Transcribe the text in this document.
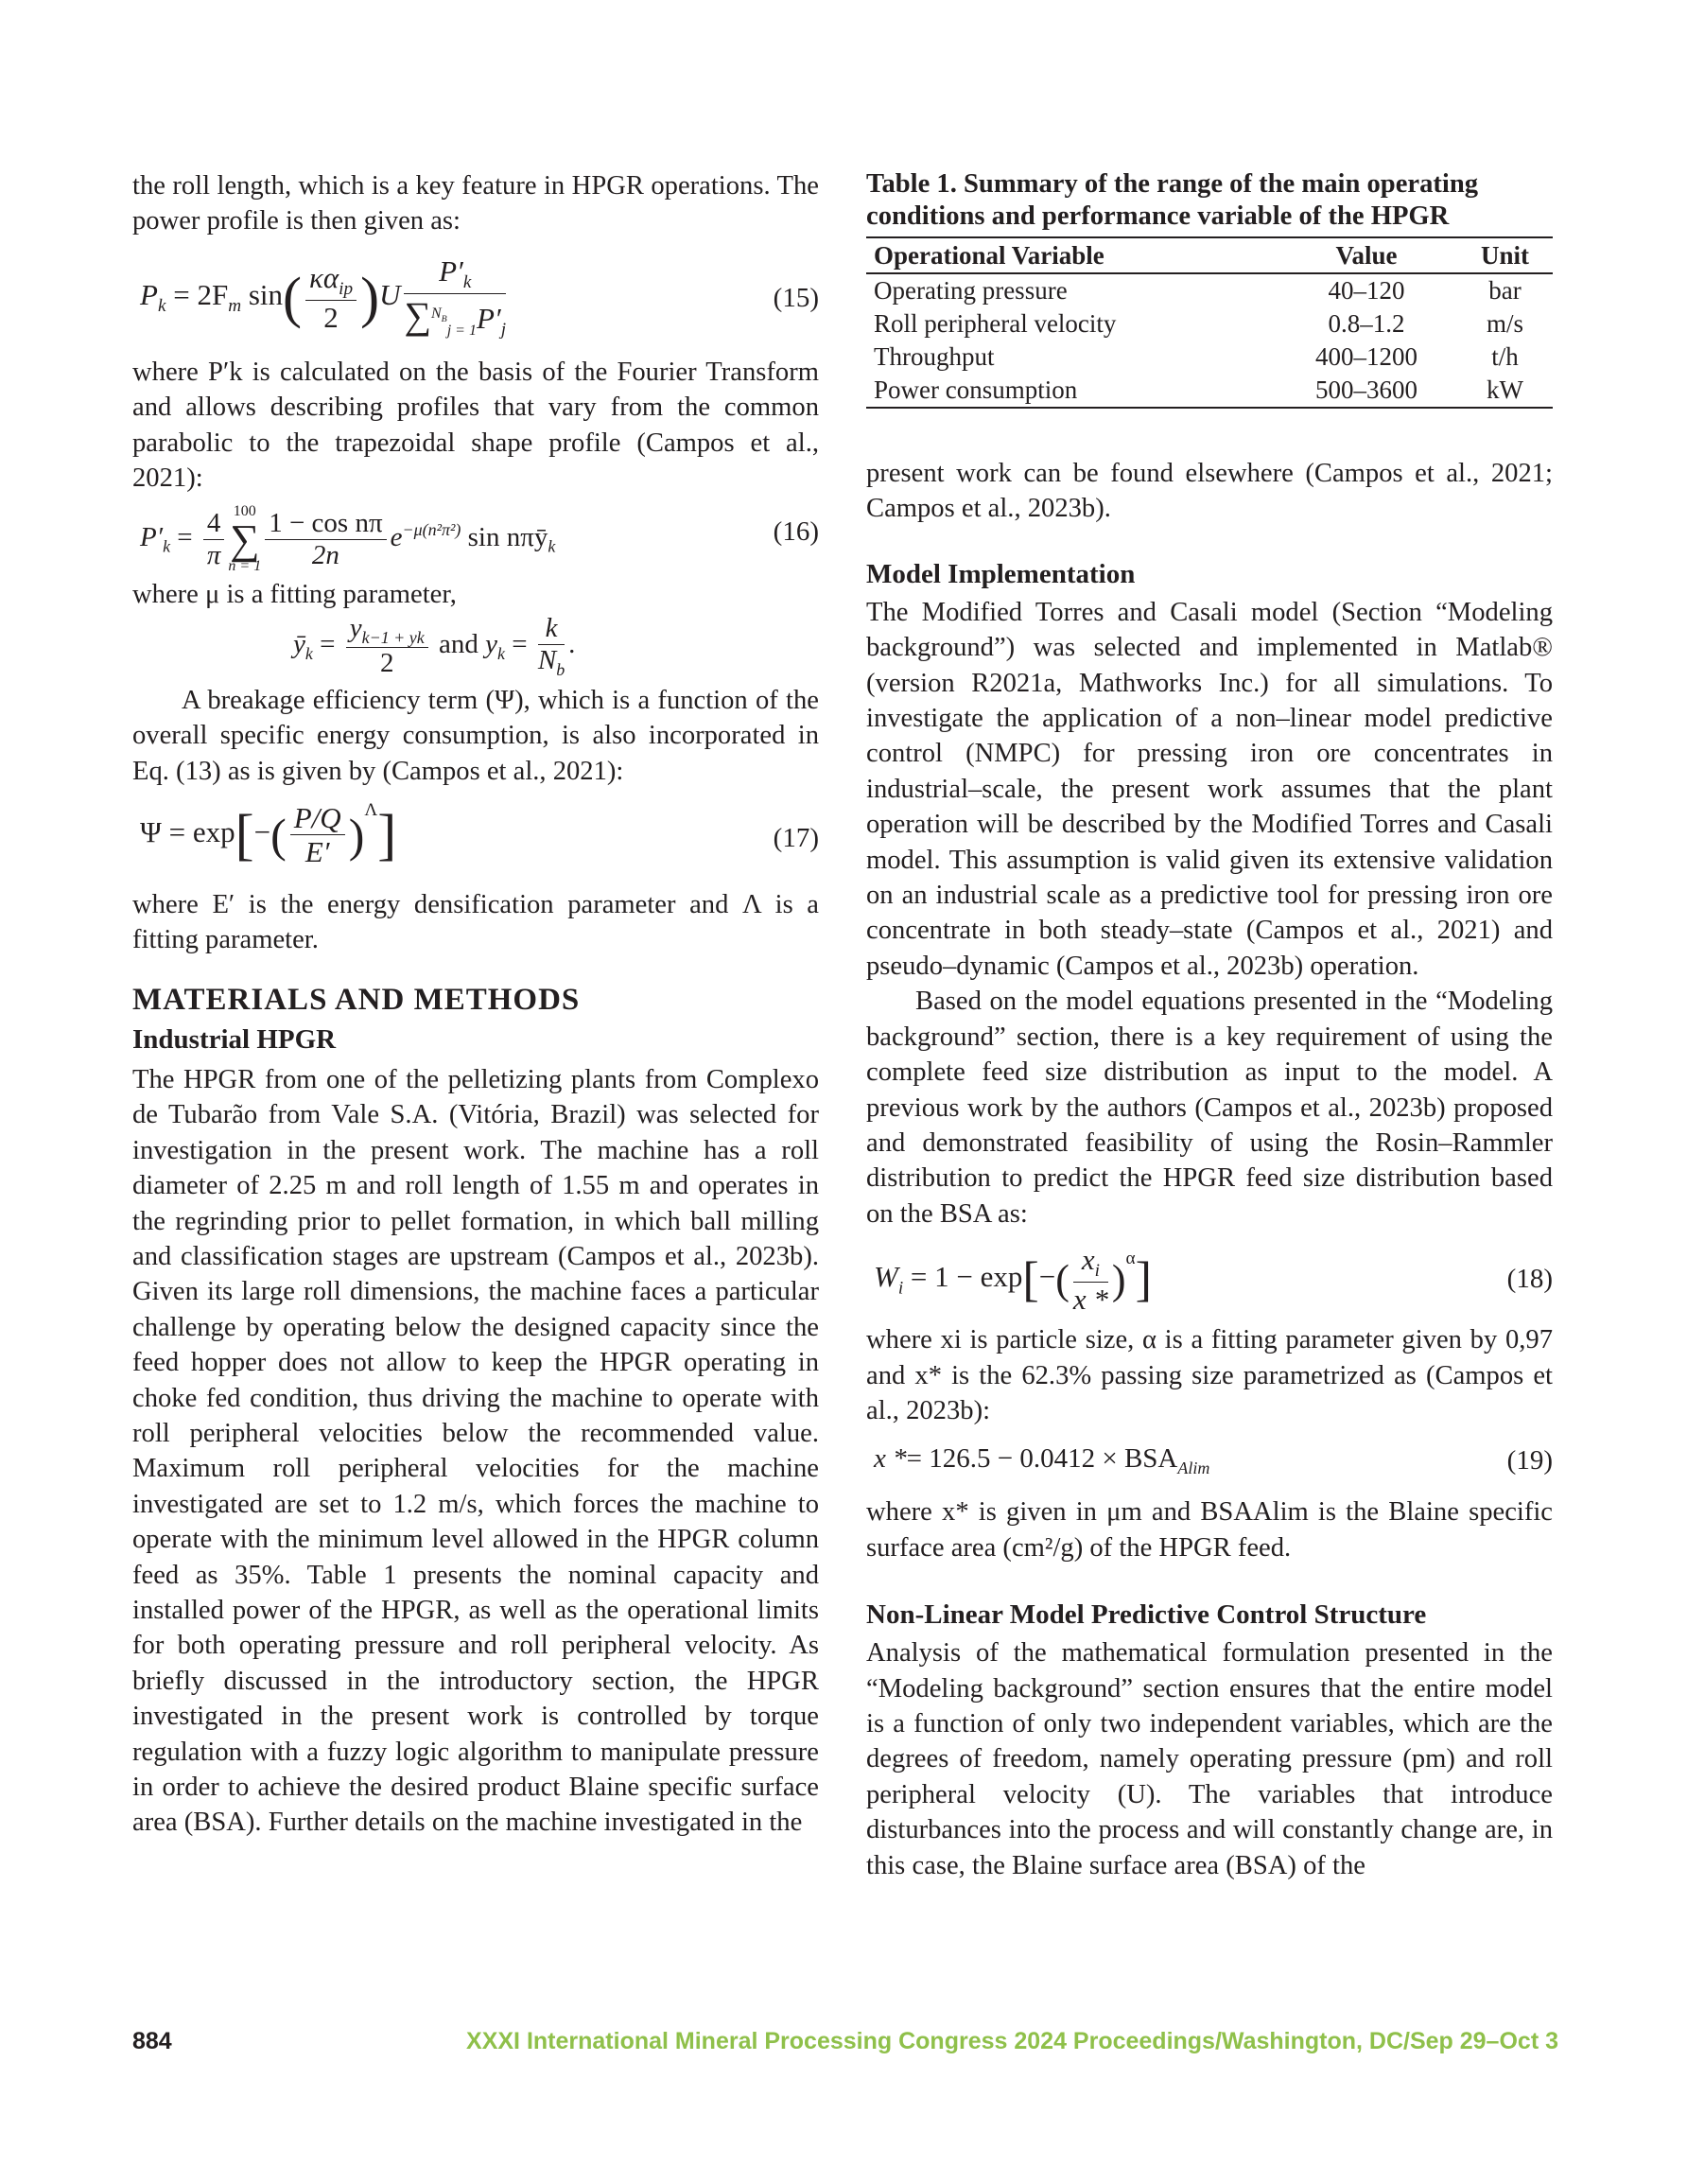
the roll length, which is a key feature in HPGR operations. The power profile is then given as:

$P_k = 2F_m$ $\sin( \frac{\kappa\alpha_{ip}}{2} )U \frac{P'_k}{\sum^{N_B}_{j = 1}P'_j}$	(15)

where P′k is calculated on the basis of the Fourier Transform and allows describing profiles that vary from the common parabolic to the trapezoidal shape profile (Campos et al., 2021):

$P'_k = \frac{4}{\pi} 100$
∑
$n = 1 \frac{\text{1 − cos nπ}}{2n} e^{-\mu(n^2\pi^2)}$ sin nπȳ$_k$	(16)

where μ is a fitting parameter,

$ȳ_k = \frac{y_{k-1 + yk}}{2}$ and $y_k = \frac{k}{N_b}$ .

A breakage efficiency term (Ψ), which is a function of the overall specific energy consumption, is also incorporated in Eq. (13) as is given by (Campos et al., 2021):

$\Psi = \exp[-( \frac{P/Q}{E'} )^\Lambda]$	(17)

where E′ is the energy densification parameter and Λ is a fitting parameter.

MATERIALS AND METHODS
Industrial HPGR

The HPGR from one of the pelletizing plants from Complexo de Tubarão from Vale S.A. (Vitória, Brazil) was selected for investigation in the present work. The machine has a roll diameter of 2.25 m and roll length of 1.55 m and operates in the regrinding prior to pellet formation, in which ball milling and classification stages are upstream (Campos et al., 2023b). Given its large roll dimensions, the machine faces a particular challenge by operating below the designed capacity since the feed hopper does not allow to keep the HPGR operating in choke fed condition, thus driving the machine to operate with roll peripheral velocities below the recommended value. Maximum roll peripheral velocities for the machine investigated are set to 1.2 m/s, which forces the machine to operate with the minimum level allowed in the HPGR column feed as 35%. Table 1 presents the nominal capacity and installed power of the HPGR, as well as the operational limits for both operating pressure and roll peripheral velocity. As briefly discussed in the introductory section, the HPGR investigated in the present work is controlled by torque regulation with a fuzzy logic algorithm to manipulate pressure in order to achieve the desired product Blaine specific surface area (BSA). Further details on the machine investigated in the

Table 1. Summary of the range of the main operating conditions and performance variable of the HPGR
Operational Variable	Value	Unit
Operating pressure	40–120	bar
Roll peripheral velocity	0.8–1.2	m/s
Throughput	400–1200	t/h
Power consumption	500–3600	kW

present work can be found elsewhere (Campos et al., 2021; Campos et al., 2023b).

Model Implementation

The Modified Torres and Casali model (Section “Modeling background”) was selected and implemented in Matlab® (version R2021a, Mathworks Inc.) for all simulations. To investigate the application of a non–linear model predictive control (NMPC) for pressing iron ore concentrates in industrial–scale, the present work assumes that the plant operation will be described by the Modified Torres and Casali model. This assumption is valid given its extensive validation on an industrial scale as a predictive tool for pressing iron ore concentrate in both steady–state (Campos et al., 2021) and pseudo–dynamic (Campos et al., 2023b) operation.

Based on the model equations presented in the “Modeling background” section, there is a key requirement of using the complete feed size distribution as input to the model. A previous work by the authors (Campos et al., 2023b) proposed and demonstrated feasibility of using the Rosin–Rammler distribution to predict the HPGR feed size distribution based on the BSA as:

$W_i = 1 - \exp[-( \frac{x_i}{x *} )^\alpha]$	(18)

where xi is particle size, α is a fitting parameter given by 0,97 and x* is the 62.3% passing size parametrized as (Campos et al., 2023b):

$x *= 126.5 - 0.0412 \times BSA_{Alim}$	(19)

where x* is given in μm and BSAAlim is the Blaine specific surface area (cm²/g) of the HPGR feed.

Non-Linear Model Predictive Control Structure

Analysis of the mathematical formulation presented in the “Modeling background” section ensures that the entire model is a function of only two independent variables, which are the degrees of freedom, namely operating pressure (pm) and roll peripheral velocity (U). The variables that introduce disturbances into the process and will constantly change are, in this case, the Blaine surface area (BSA) of the

884	XXXI International Mineral Processing Congress 2024 Proceedings/Washington, DC/Sep 29–Oct 3
